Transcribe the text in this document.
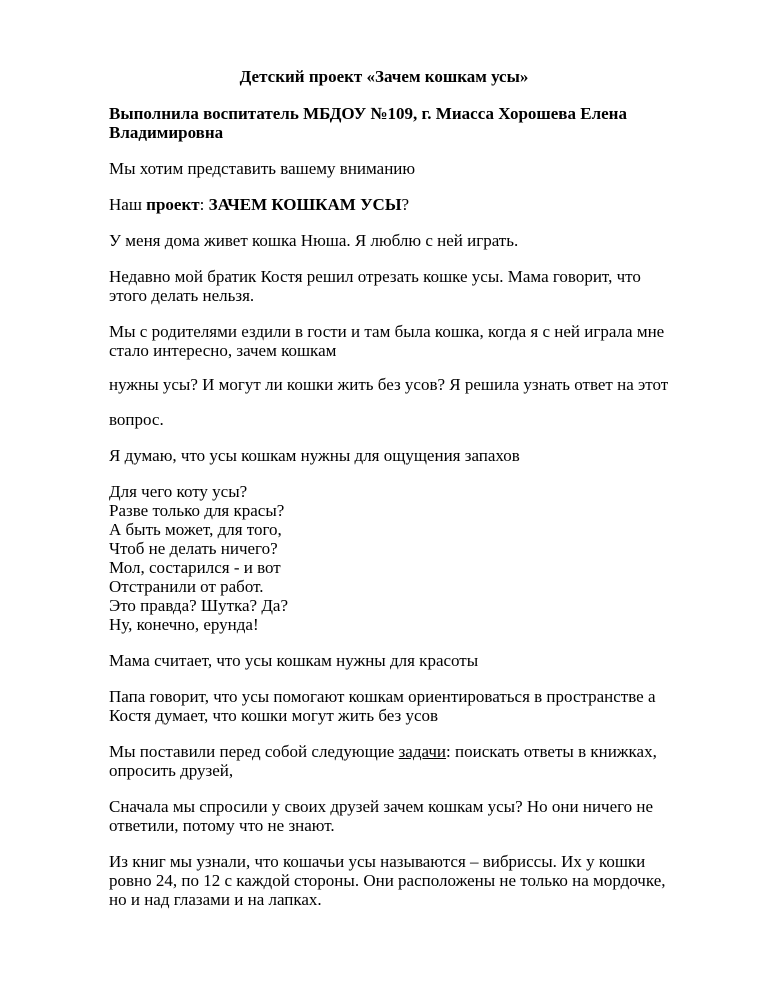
Детский проект «Зачем кошкам усы»
Выполнила воспитатель МБДОУ №109, г. Миасса Хорошева Елена
Владимировна
Мы хотим представить вашему вниманию
Наш проект: ЗАЧЕМ КОШКАМ УСЫ?
У меня дома живет кошка Нюша. Я люблю с ней играть.
Недавно мой братик Костя решил отрезать кошке усы. Мама говорит, что
этого делать нельзя.
Мы с родителями ездили в гости и там была кошка, когда я с ней играла мне
стало интересно, зачем кошкам
нужны усы? И могут ли кошки жить без усов? Я решила узнать ответ на этот
вопрос.
Я думаю, что усы кошкам нужны для ощущения запахов
Для чего коту усы?
Разве только для красы?
А быть может, для того,
Чтоб не делать ничего?
Мол, состарился - и вот
Отстранили от работ.
Это правда? Шутка? Да?
Ну, конечно, ерунда!
Мама считает, что усы кошкам нужны для красоты
Папа говорит, что усы помогают кошкам ориентироваться в пространстве а
Костя думает, что кошки могут жить без усов
Мы поставили перед собой следующие задачи: поискать ответы в книжках,
опросить друзей,
Сначала мы спросили у своих друзей зачем кошкам усы? Но они ничего не
ответили, потому что не знают.
Из книг мы узнали, что кошачьи усы называются – вибриссы. Их у кошки
ровно 24, по 12 с каждой стороны. Они расположены не только на мордочке,
но и над глазами и на лапках.
